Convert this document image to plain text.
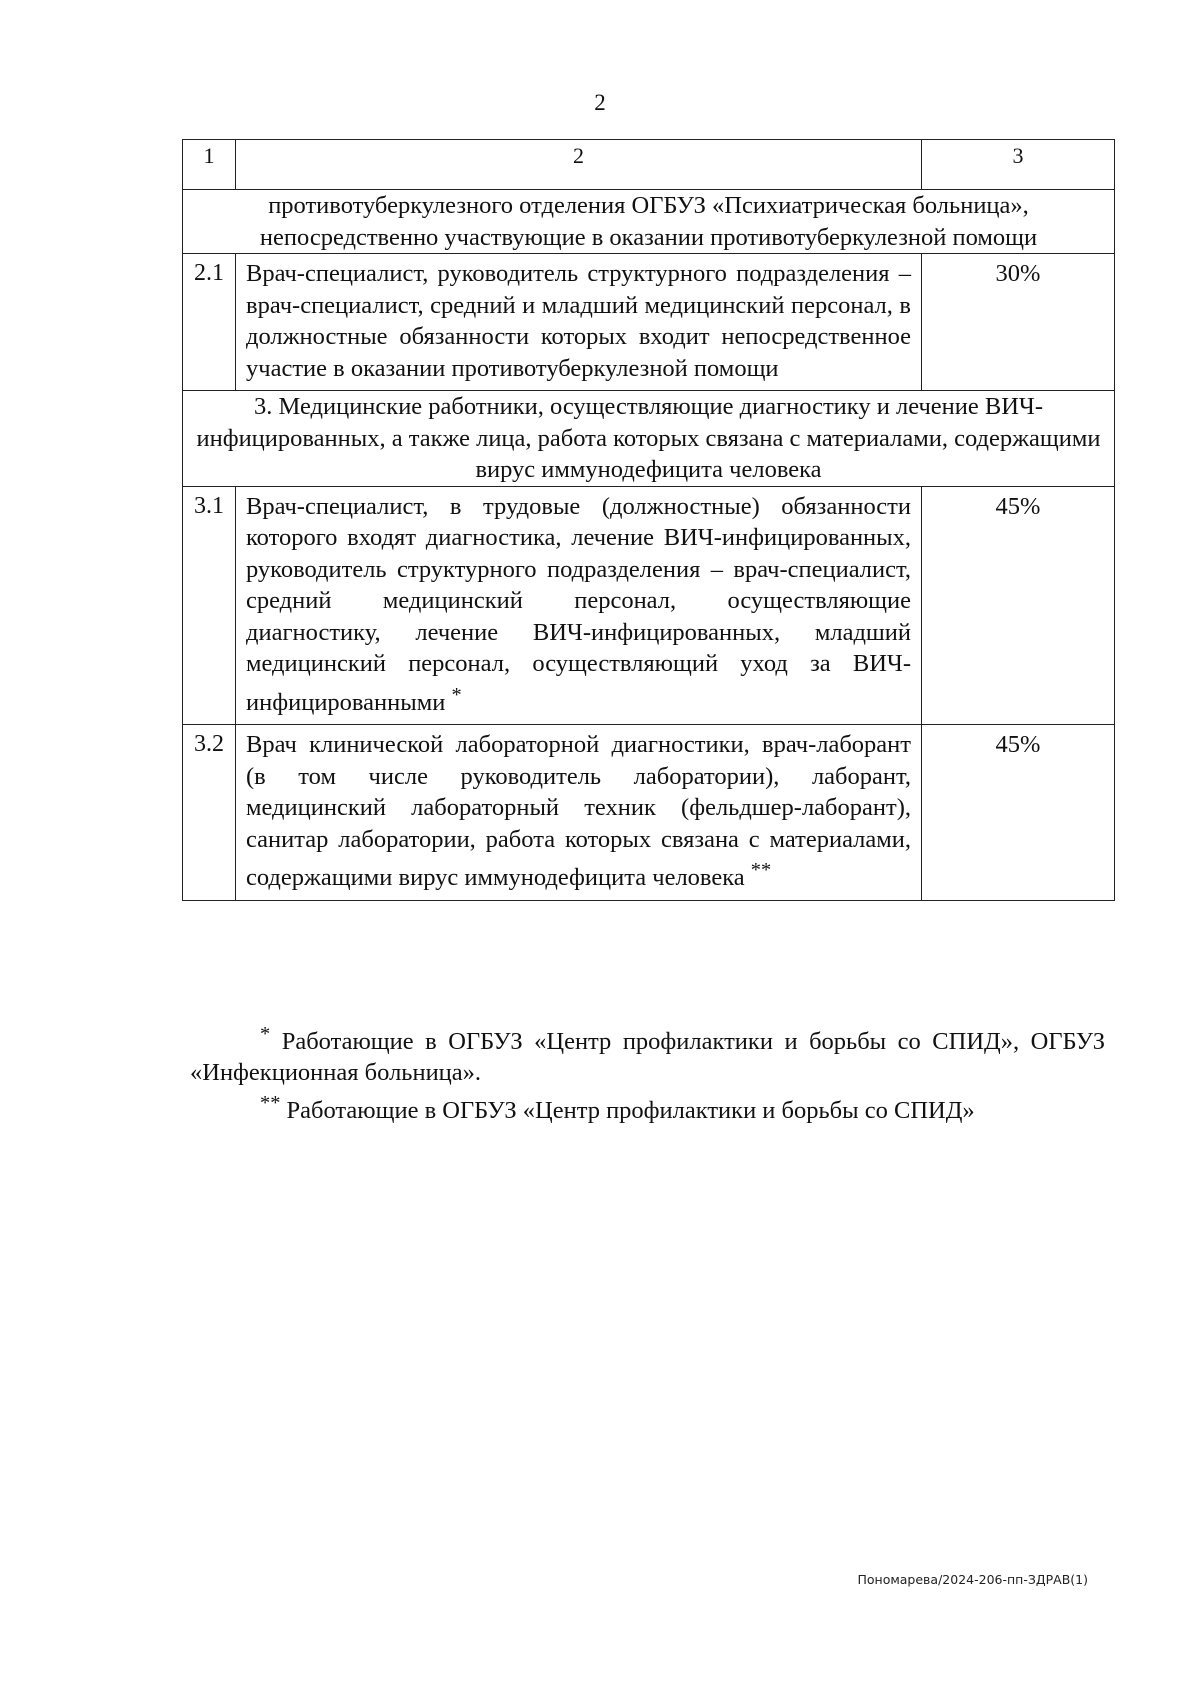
2
1	2	3
противотуберкулезного отделения ОГБУЗ «Психиатрическая больница», непосредственно участвующие в оказании противотуберкулезной помощи		
2.1	Врач-специалист, руководитель структурного подразделения – врач-специалист, средний и младший медицинский персонал, в должностные обязанности которых входит непосредственное участие в оказании противотуберкулезной помощи	30%
3. Медицинские работники, осуществляющие диагностику и лечение ВИЧ-инфицированных, а также лица, работа которых связана с материалами, содержащими вирус иммунодефицита человека		
3.1	Врач-специалист, в трудовые (должностные) обязанности которого входят диагностика, лечение ВИЧ-инфицированных, руководитель структурного подразделения – врач-специалист, средний медицинский персонал, осуществляющие диагностику, лечение ВИЧ-инфицированных, младший медицинский персонал, осуществляющий уход за ВИЧ-инфицированными *	45%
3.2	Врач клинической лабораторной диагностики, врач-лаборант (в том числе руководитель лаборатории), лаборант, медицинский лабораторный техник (фельдшер-лаборант), санитар лаборатории, работа которых связана с материалами, содержащими вирус иммунодефицита человека **	45%

* Работающие в ОГБУЗ «Центр профилактики и борьбы со СПИД», ОГБУЗ «Инфекционная больница».

** Работающие в ОГБУЗ «Центр профилактики и борьбы со СПИД»

Пономарева/2024-206-пп-ЗДРАВ(1)
